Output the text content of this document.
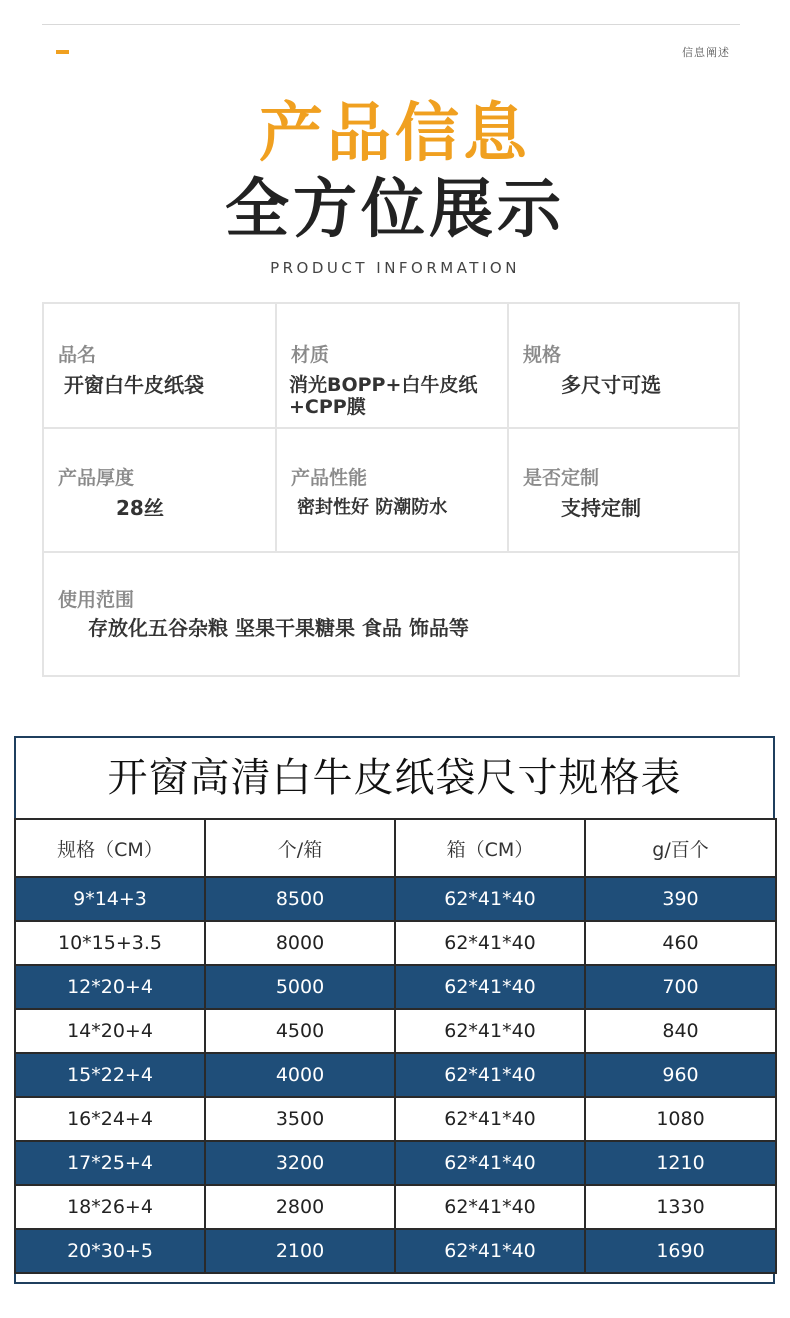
信息阐述
产品信息
全方位展示
PRODUCT INFORMATION
品名
开窗白牛皮纸袋
材质
消光BOPP+白牛皮纸
+CPP膜
规格
多尺寸可选
产品厚度
28丝
产品性能
密封性好 防潮防水
是否定制
支持定制
使用范围
存放化五谷杂粮 坚果干果糖果 食品 饰品等
开窗高清白牛皮纸袋尺寸规格表
规格（CM）	个/箱	箱（CM）	g/百个
9*14+3	8500	62*41*40	390
10*15+3.5	8000	62*41*40	460
12*20+4	5000	62*41*40	700
14*20+4	4500	62*41*40	840
15*22+4	4000	62*41*40	960
16*24+4	3500	62*41*40	1080
17*25+4	3200	62*41*40	1210
18*26+4	2800	62*41*40	1330
20*30+5	2100	62*41*40	1690
